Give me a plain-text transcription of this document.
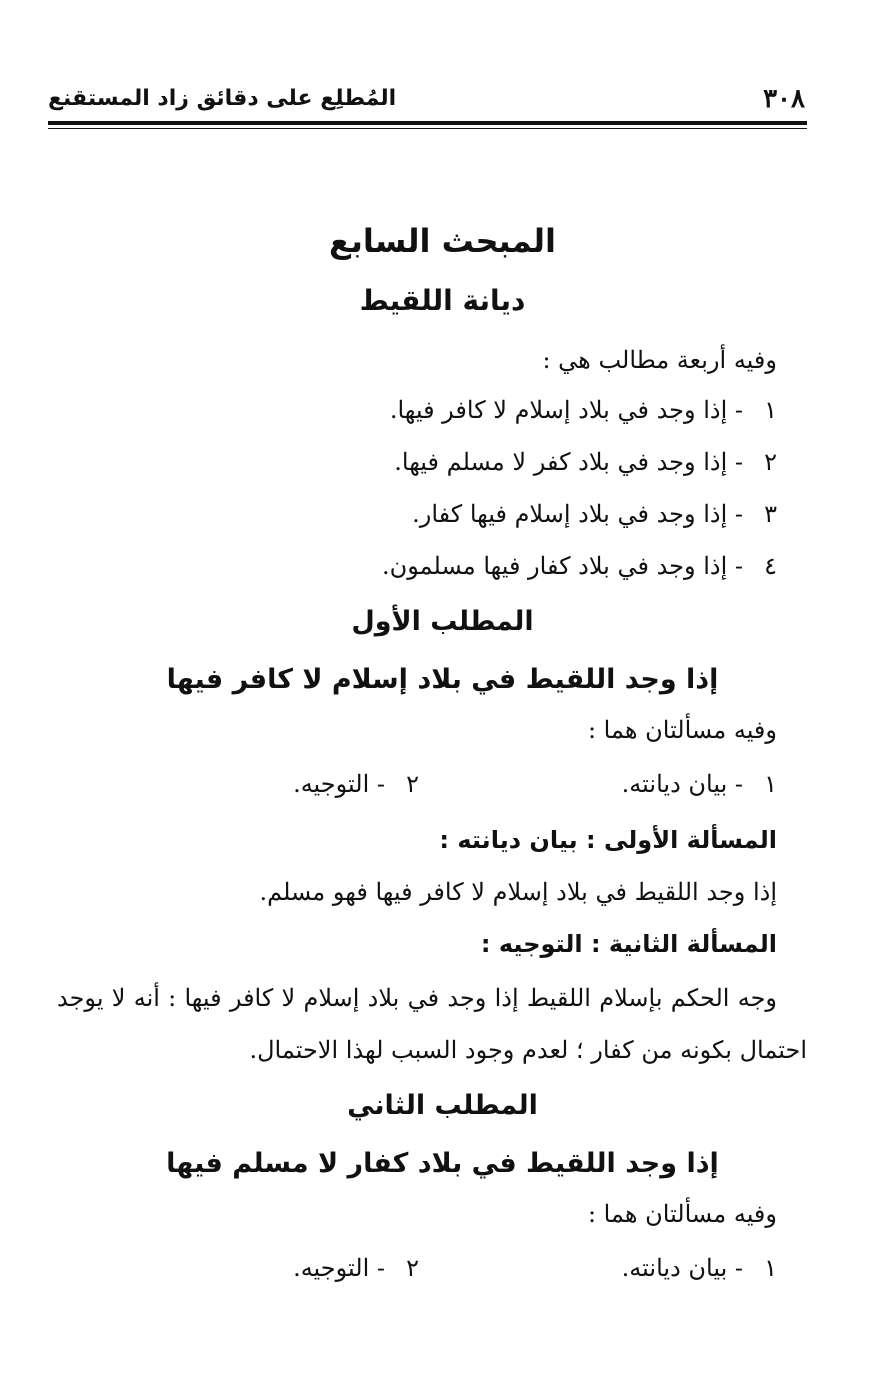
٣٠٨
المُطلِع على دقائق زاد المستقنع
المبحث السابع
ديانة اللقيط
وفيه أربعة مطالب هي :
١
- إذا وجد في بلاد إسلام لا كافر فيها.
٢
- إذا وجد في بلاد كفر لا مسلم فيها.
٣
- إذا وجد في بلاد إسلام فيها كفار.
٤
- إذا وجد في بلاد كفار فيها مسلمون.
المطلب الأول
إذا وجد اللقيط في بلاد إسلام لا كافر فيها
وفيه مسألتان هما :
١
- بيان ديانته.
٢
- التوجيه.
المسألة الأولى : بيان ديانته :
إذا وجد اللقيط في بلاد إسلام لا كافر فيها فهو مسلم.
المسألة الثانية : التوجيه :
وجه الحكم بإسلام اللقيط إذا وجد في بلاد إسلام لا كافر فيها : أنه لا يوجد
احتمال بكونه من كفار ؛ لعدم وجود السبب لهذا الاحتمال.
المطلب الثاني
إذا وجد اللقيط في بلاد كفار لا مسلم فيها
وفيه مسألتان هما :
١
- بيان ديانته.
٢
- التوجيه.
